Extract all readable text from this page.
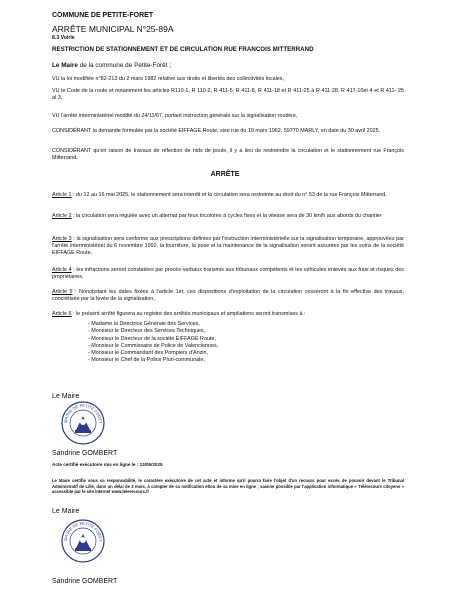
COMMUNE DE PETITE-FORET
ARRÊTE MUNICIPAL N°25-89A
8.3 Voirie
RESTRICTION DE STATIONNEMENT ET DE CIRCULATION RUE FRANCOIS MITTERRAND
Le Maire de la commune de Petite-Forêt ;
VU la loi modifiée n°82-213 du 2 mars 1982 relative aux droits et libertés des collectivités locales,
VU le Code de la route et notamment les articles R110-1, R 110-2, R 411-5, R 411-8, R 411-18 et R 411-25 à R 411-28, R 417-10et 4 et R 411- 25 al 3,
VU l'arrêté interministériel modifié du 24/11/67, portant instruction générale sur la signalisation routière,
CONSIDÉRANT la demande formulée par la société EIFFAGE Route, sise rue du 19 mars 1962, 59770 MARLY, en date du 30 avril 2025,
CONSIDÉRANT qu'en raison de travaux de réfection de nids de poule, il y a lieu de restreindre la circulation et le stationnement rue François Mitterrand,
ARRÊTE
Article 1 : du 12 au 16 mai 2025, le stationnement sera interdit et la circulation sera restreinte au droit du n° 53 de la rue François Mitterrand,
Article 2 : la circulation sera régulée avec un alternat par feux tricolores à cycles fixes et la vitesse sera de 30 km/h aux abords du chantier
Article 3 : la signalisation sera conforme aux prescriptions définies par l'instruction interministérielle sur la signalisation temporaire, approuvées par l'arrêté interministériel du 6 novembre 1992, la fourniture, la pose et la maintenance de la signalisation seront assurées par les soins de la société EIFFAGE Route,
Article 4 : les infractions seront constatées par procès-verbaux transmis aux tribunaux compétents et les véhicules enlevés aux frais et risques des propriétaires,
Article 5 : Nonobstant les dates fixées à l'article 1er, ces dispositions d'exploitation de la circulation cesseront à la fin effective des travaux, concrétisée par la levée de la signalisation,
Article 6 : le présent arrêté figurera au registre des arrêtés municipaux et ampliations seront transmises à :
- Madame la Directrice Générale des Services,
- Monsieur le Directeur des Services Techniques,
- Monsieur le Directeur de la société EIFFAGE Route,
- Monsieur le Commissaire de Police de Valenciennes,
- Monsieur le Commandant des Pompiers d'Anzin,
- Monsieur le Chef de la Police Pluri-communale,
Le Maire
MAIRIE DE PETITE-FORET
Sandrine GOMBERT
Acte certifié exécutoire mis en ligne le : 13/05/2025
Le Maire certifie sous sa responsabilité, le caractère exécutoire de cet acte et informe qu'il pourra faire l'objet d'un recours pour excès de pouvoir devant le Tribunal Administratif de Lille, dans un délai de 2 mois, à compter de sa notification et/ou de sa mise en ligne ; saisine possible par l'application informatique « Télérecours citoyens » accessible par le site internet www.telerecours.fr
Le Maire
MAIRIE DE PETITE-FORET
Sandrine GOMBERT
